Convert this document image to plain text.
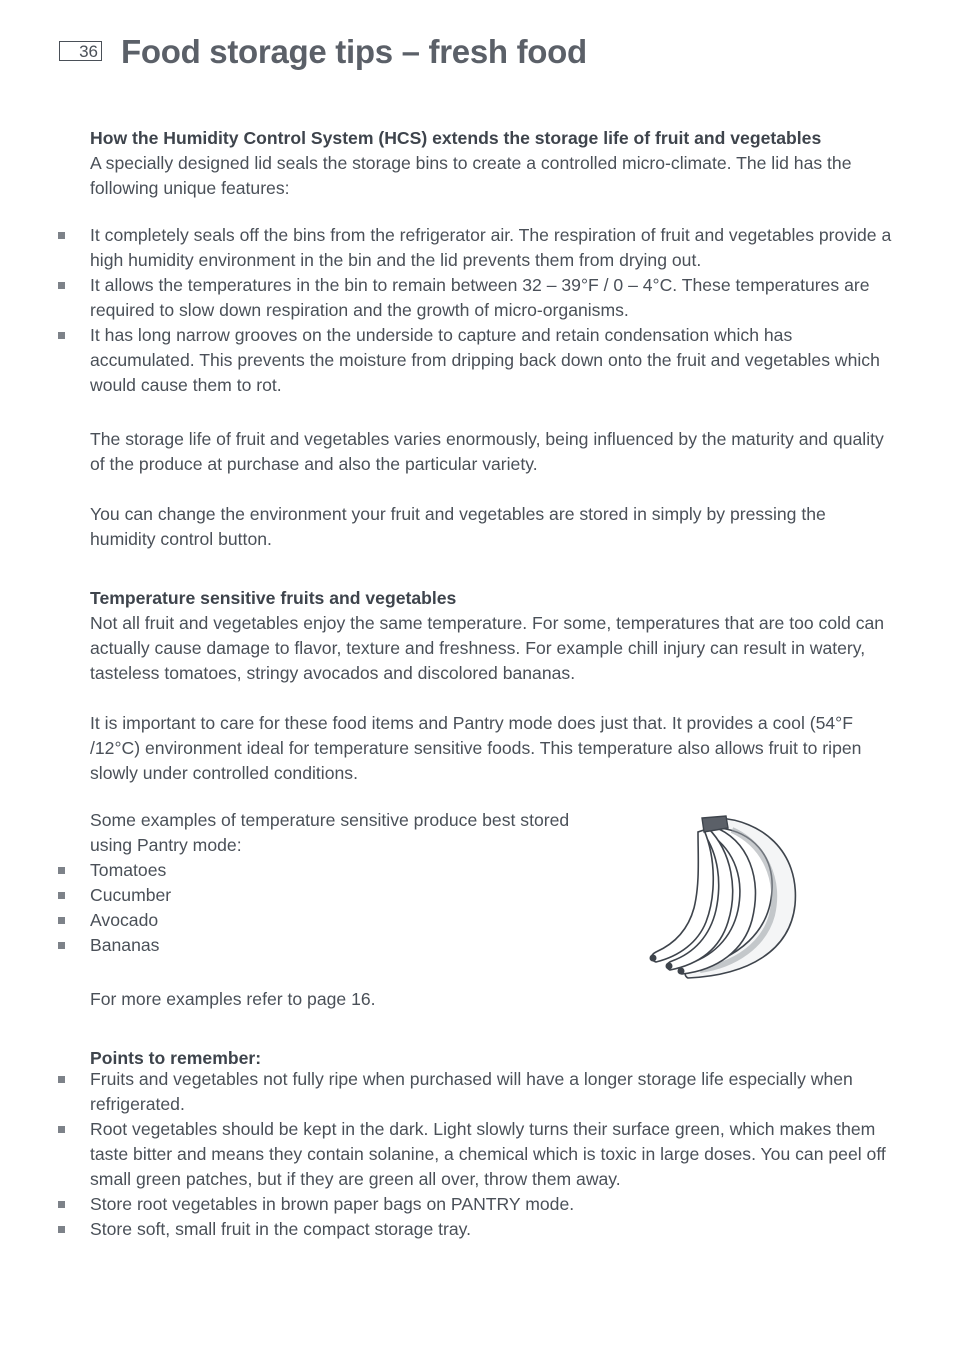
36 Food storage tips – fresh food

How the Humidity Control System (HCS) extends the storage life of fruit and vegetables

A specially designed lid seals the storage bins to create a controlled micro-climate. The lid has the following unique features:

It completely seals off the bins from the refrigerator air. The respiration of fruit and vegetables provide a high humidity environment in the bin and the lid prevents them from drying out.
It allows the temperatures in the bin to remain between 32 – 39°F / 0 – 4°C. These temperatures are required to slow down respiration and the growth of micro-organisms.
It has long narrow grooves on the underside to capture and retain condensation which has accumulated. This prevents the moisture from dripping back down onto the fruit and vegetables which would cause them to rot.

The storage life of fruit and vegetables varies enormously, being influenced by the maturity and quality of the produce at purchase and also the particular variety.

You can change the environment your fruit and vegetables are stored in simply by pressing the humidity control button.

Temperature sensitive fruits and vegetables

Not all fruit and vegetables enjoy the same temperature. For some, temperatures that are too cold can actually cause damage to flavor, texture and freshness. For example chill injury can result in watery, tasteless tomatoes, stringy avocados and discolored bananas.

It is important to care for these food items and Pantry mode does just that. It provides a cool (54°F /12°C) environment ideal for temperature sensitive foods. This temperature also allows fruit to ripen slowly under controlled conditions.

Some examples of temperature sensitive produce best stored using Pantry mode:

Tomatoes
Cucumber
Avocado
Bananas

For more examples refer to page 16.

Points to remember:

Fruits and vegetables not fully ripe when purchased will have a longer storage life especially when refrigerated.
Root vegetables should be kept in the dark. Light slowly turns their surface green, which makes them taste bitter and means they contain solanine, a chemical which is toxic in large doses. You can peel off small green patches, but if they are green all over, throw them away.
Store root vegetables in brown paper bags on PANTRY mode.
Store soft, small fruit in the compact storage tray.
